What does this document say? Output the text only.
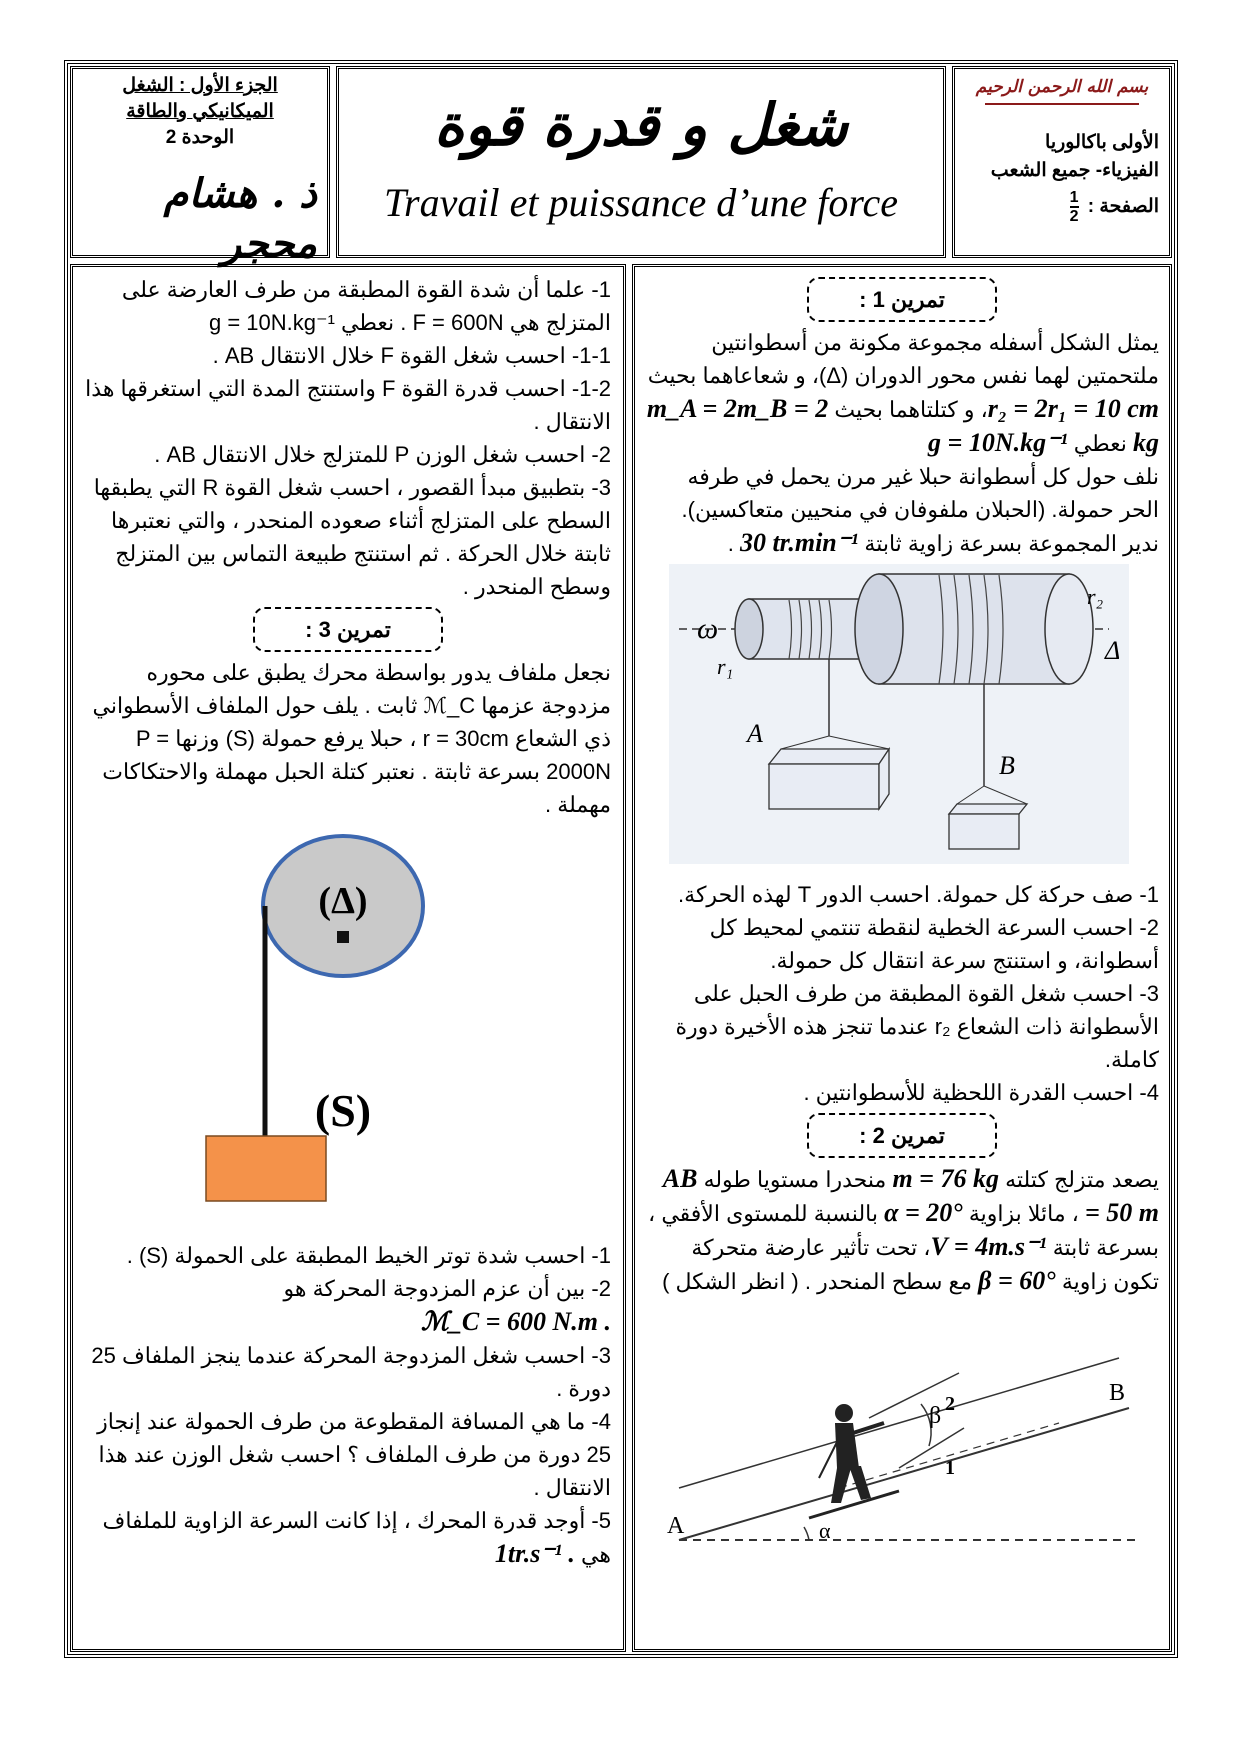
الجزء الأول : الشغل

الميكانيكي والطاقة

الوحدة 2

ذ . هشام محجر

شغل و قدرة قوة

Travail et puissance d’une force

بسم الله الرحمن الرحيم

الأولى باكالوريا

الفيزياء- جميع الشعب

الصفحة :
$\frac{1}{2}$

تمرين 1 :

يمثل الشكل أسفله مجموعة مكونة من أسطوانتين ملتحمتين لهما نفس محور الدوران (Δ)، و شعاعاهما بحيث r₂ = 2r₁ = 10 cm، و كتلتاهما بحيث m_A = 2m_B = 2 kg نعطي g = 10N.kg⁻¹

نلف حول كل أسطوانة حبلا غير مرن يحمل في طرفه الحر حمولة. (الحبلان ملفوفان في منحيين متعاكسين).

ندير المجموعة بسرعة زاوية ثابتة 30 tr.min⁻¹ .

ω
r₁
r₂
Δ
A
B

1- صف حركة كل حمولة. احسب الدور T لهذه الحركة.

2- احسب السرعة الخطية لنقطة تنتمي لمحيط كل أسطوانة، و استنتج سرعة انتقال كل حمولة.

3- احسب شغل القوة المطبقة من طرف الحبل على الأسطوانة ذات الشعاع r₂ عندما تنجز هذه الأخيرة دورة كاملة.

4- احسب القدرة اللحظية للأسطوانتين .

تمرين 2 :

يصعد متزلج كتلته m = 76 kg منحدرا مستويا طوله AB = 50 m ، مائلا بزاوية α = 20° بالنسبة للمستوى الأفقي ، بسرعة ثابتة V = 4m.s⁻¹، تحت تأثير عارضة متحركة تكون زاوية β = 60° مع سطح المنحدر . ( انظر الشكل )

A
B
α
β 2
1

1- علما أن شدة القوة المطبقة من طرف العارضة على المتزلج هي F = 600N . نعطي g = 10N.kg⁻¹

1-1- احسب شغل القوة F خلال الانتقال AB .

1-2- احسب قدرة القوة F واستنتج المدة التي استغرقها هذا الانتقال .

2- احسب شغل الوزن P للمتزلج خلال الانتقال AB .

3- بتطبيق مبدأ القصور ، احسب شغل القوة R التي يطبقها السطح على المتزلج أثناء صعوده المنحدر ، والتي نعتبرها ثابتة خلال الحركة . ثم استنتج طبيعة التماس بين المتزلج وسطح المنحدر .

تمرين 3 :

نجعل ملفاف يدور بواسطة محرك يطبق على محوره مزدوجة عزمها ℳ_C ثابت . يلف حول الملفاف الأسطواني ذي الشعاع r = 30cm ، حبلا يرفع حمولة (S) وزنها P = 2000N بسرعة ثابتة . نعتبر كتلة الحبل مهملة والاحتكاكات مهملة .

(Δ)
(S)

1- احسب شدة توتر الخيط المطبقة على الحمولة (S) .

2- بين أن عزم المزدوجة المحركة هو

ℳ_C = 600 N.m .

3- احسب شغل المزدوجة المحركة عندما ينجز الملفاف 25 دورة .

4- ما هي المسافة المقطوعة من طرف الحمولة عند إنجاز 25 دورة من طرف الملفاف ؟ احسب شغل الوزن عند هذا الانتقال .

5- أوجد قدرة المحرك ، إذا كانت السرعة الزاوية للملفاف هي 1tr.s⁻¹ .
